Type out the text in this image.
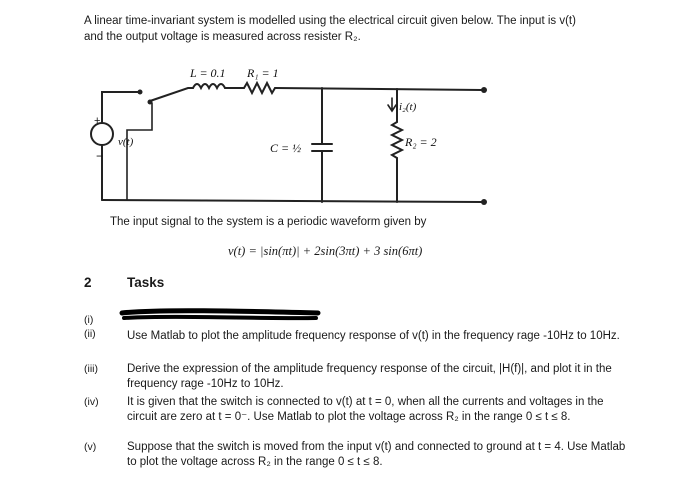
A linear time-invariant system is modelled using the electrical circuit given below. The input is v(t)
and the output voltage is measured across resister R₂.
L = 0.1 R₁ = 1
v(t)	C = ½
i₂(t)
R₂ = 2
+
−
The input signal to the system is a periodic waveform given by
v(t) = |sin(πt)| + 2sin(3πt) + 3 sin(6πt)
2	Tasks
(i)
(ii)	Use Matlab to plot the amplitude frequency response of v(t) in the frequency rage -10Hz to 10Hz.
(iii)	Derive the expression of the amplitude frequency response of the circuit, |H(f)|, and plot it in the frequency rage -10Hz to 10Hz.
(iv) It is given that the switch is connected to v(t) at t = 0, when all the currents and voltages in the circuit are zero at t = 0⁻. Use Matlab to plot the voltage across R₂ in the range 0 ≤ t ≤ 8.
(v)	Suppose that the switch is moved from the input v(t) and connected to ground at t = 4. Use Matlab to plot the voltage across R₂ in the range 0 ≤ t ≤ 8.
